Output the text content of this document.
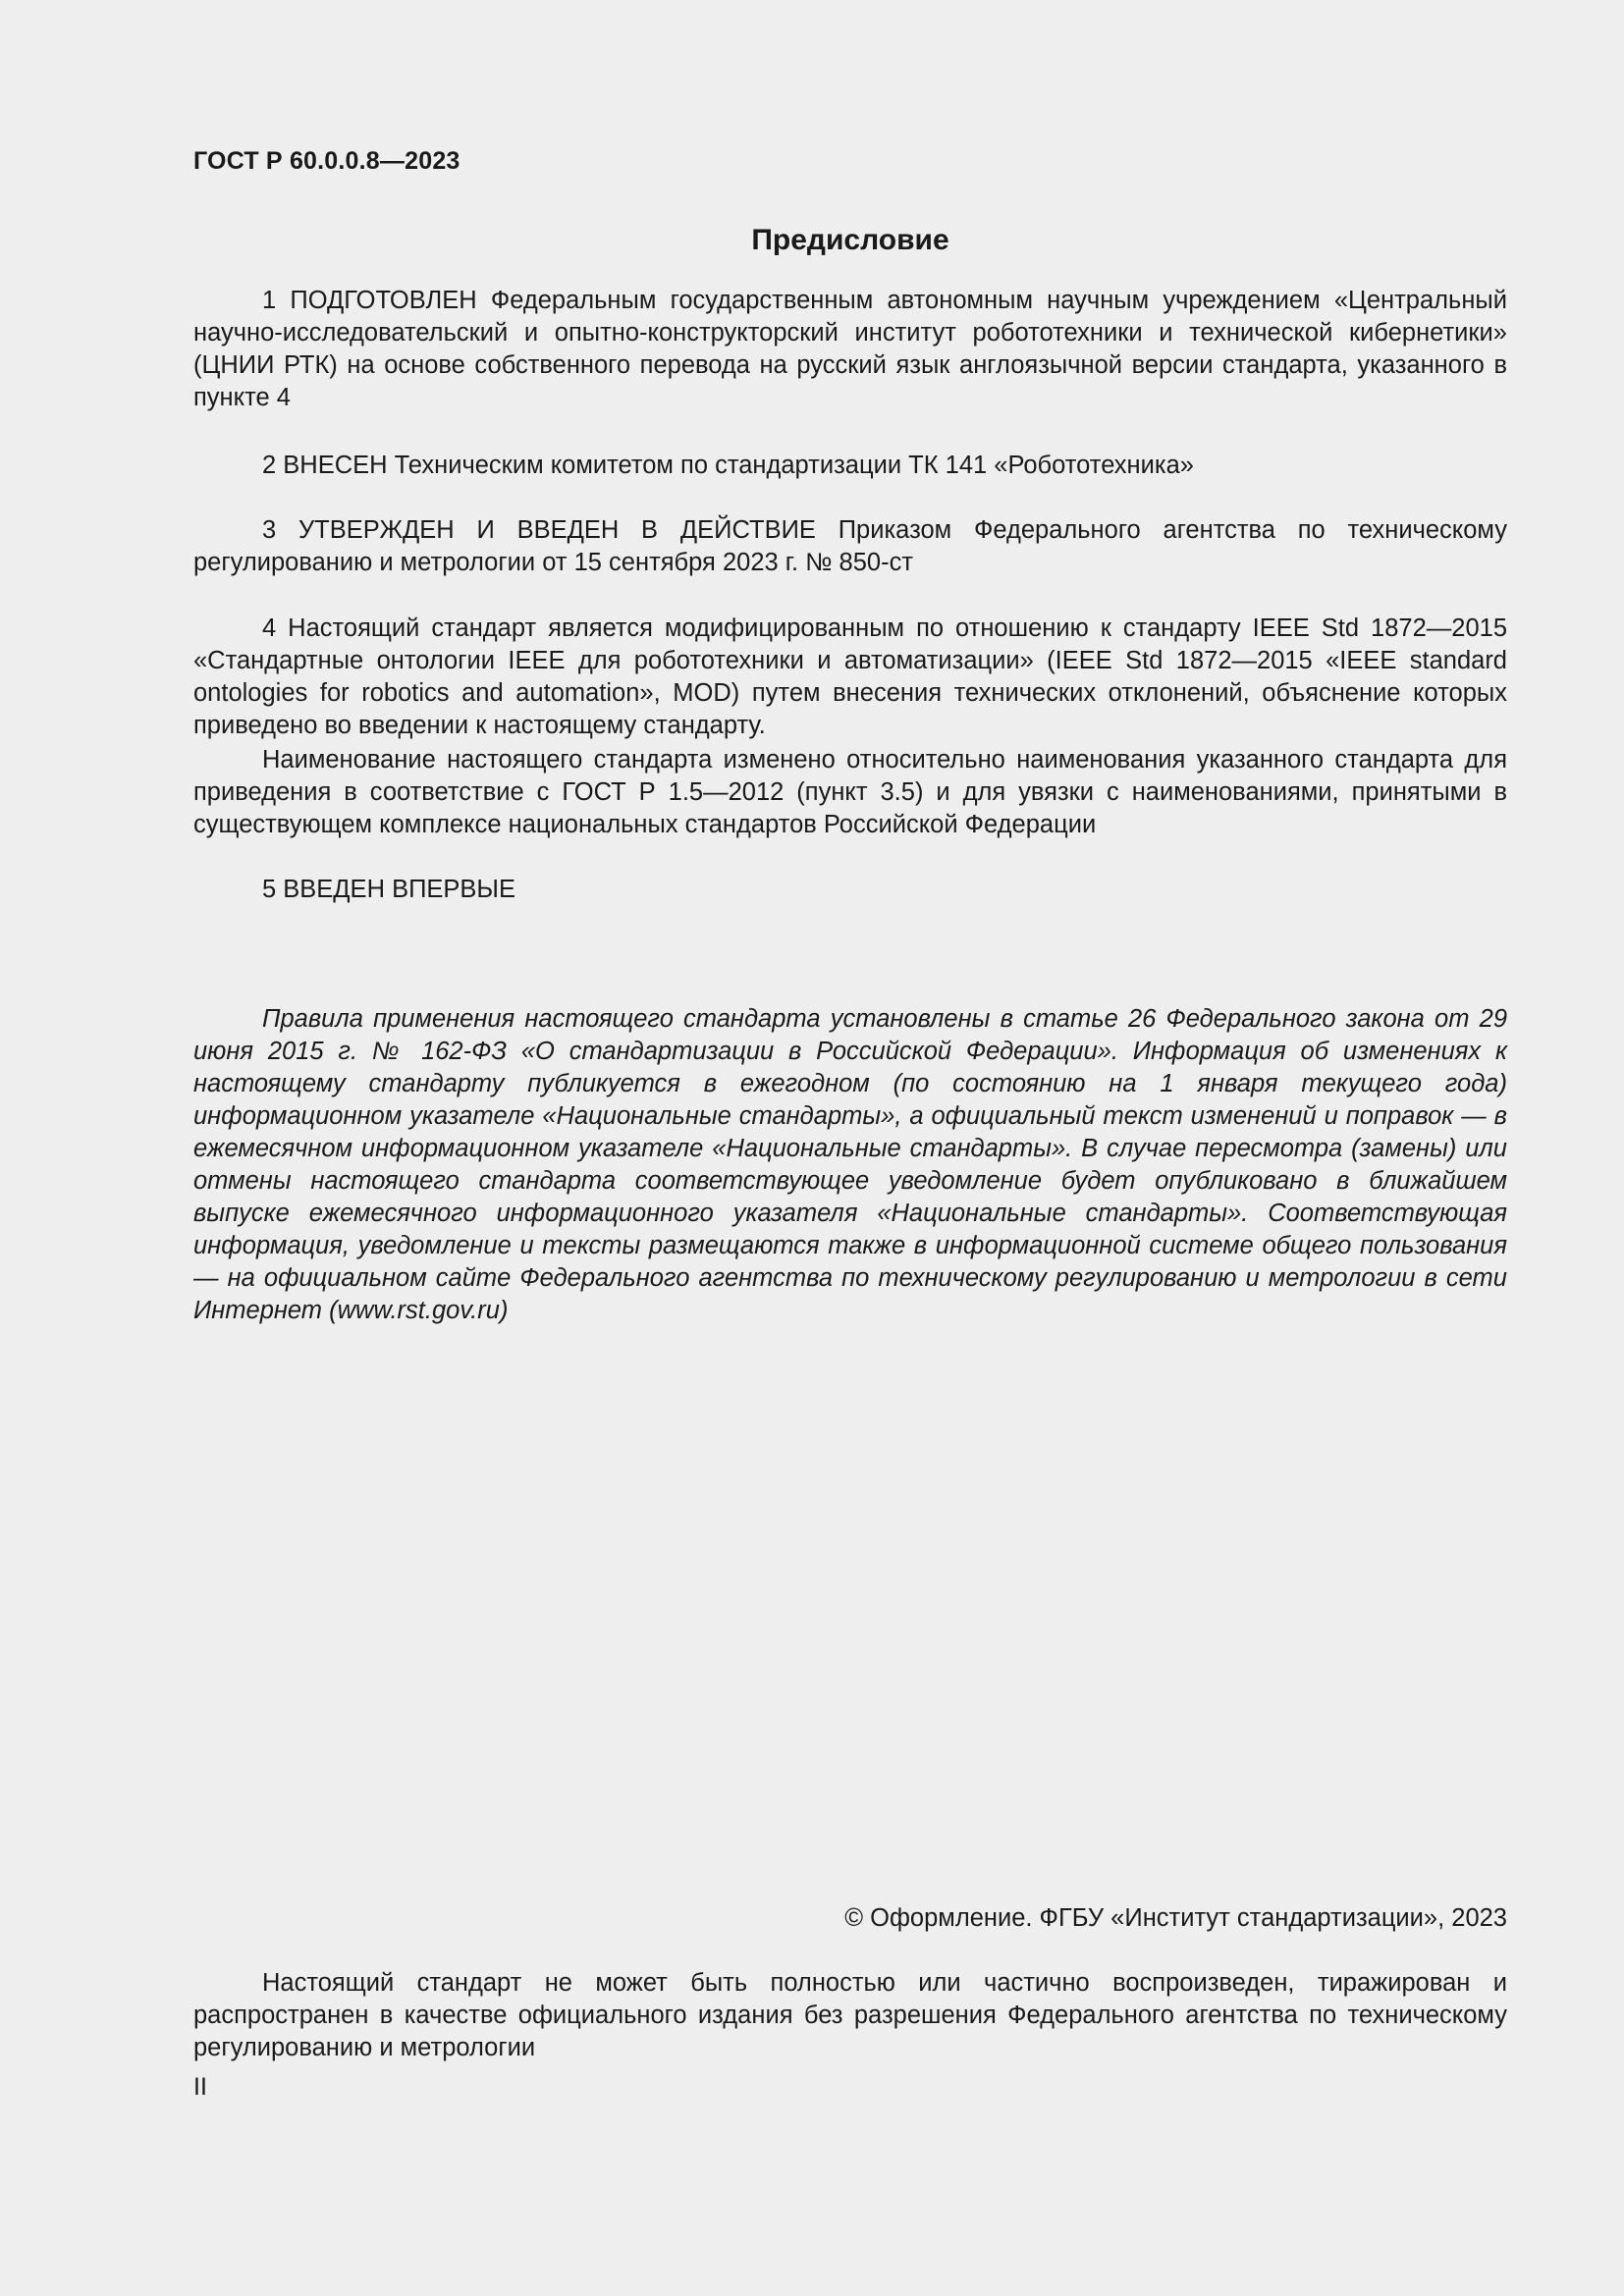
ГОСТ Р 60.0.0.8—2023
Предисловие

1 ПОДГОТОВЛЕН Федеральным государственным автономным научным учреждением «Центральный научно-исследовательский и опытно-конструкторский институт робототехники и технической кибернетики» (ЦНИИ РТК) на основе собственного перевода на русский язык англоязычной версии стандарта, указанного в пункте 4

2 ВНЕСЕН Техническим комитетом по стандартизации ТК 141 «Робототехника»

3 УТВЕРЖДЕН И ВВЕДЕН В ДЕЙСТВИЕ Приказом Федерального агентства по техническому регулированию и метрологии от 15 сентября 2023 г. № 850-ст

4 Настоящий стандарт является модифицированным по отношению к стандарту IEEE Std 1872—2015 «Стандартные онтологии IEEE для робототехники и автоматизации» (IEEE Std 1872—2015 «IEEE standard ontologies for robotics and automation», MOD) путем внесения технических отклонений, объяснение которых приведено во введении к настоящему стандарту.

Наименование настоящего стандарта изменено относительно наименования указанного стандарта для приведения в соответствие с ГОСТ Р 1.5—2012 (пункт 3.5) и для увязки с наименованиями, принятыми в существующем комплексе национальных стандартов Российской Федерации

5 ВВЕДЕН ВПЕРВЫЕ

Правила применения настоящего стандарта установлены в статье 26 Федерального закона от 29 июня 2015 г. № 162-ФЗ «О стандартизации в Российской Федерации». Информация об изменениях к настоящему стандарту публикуется в ежегодном (по состоянию на 1 января текущего года) информационном указателе «Национальные стандарты», а официальный текст изменений и поправок — в ежемесячном информационном указателе «Национальные стандарты». В случае пересмотра (замены) или отмены настоящего стандарта соответствующее уведомление будет опубликовано в ближайшем выпуске ежемесячного информационного указателя «Национальные стандарты». Соответствующая информация, уведомление и тексты размещаются также в информационной системе общего пользования — на официальном сайте Федерального агентства по техническому регулированию и метрологии в сети Интернет (www.rst.gov.ru)

© Оформление. ФГБУ «Институт стандартизации», 2023

Настоящий стандарт не может быть полностью или частично воспроизведен, тиражирован и распространен в качестве официального издания без разрешения Федерального агентства по техническому регулированию и метрологии

II
